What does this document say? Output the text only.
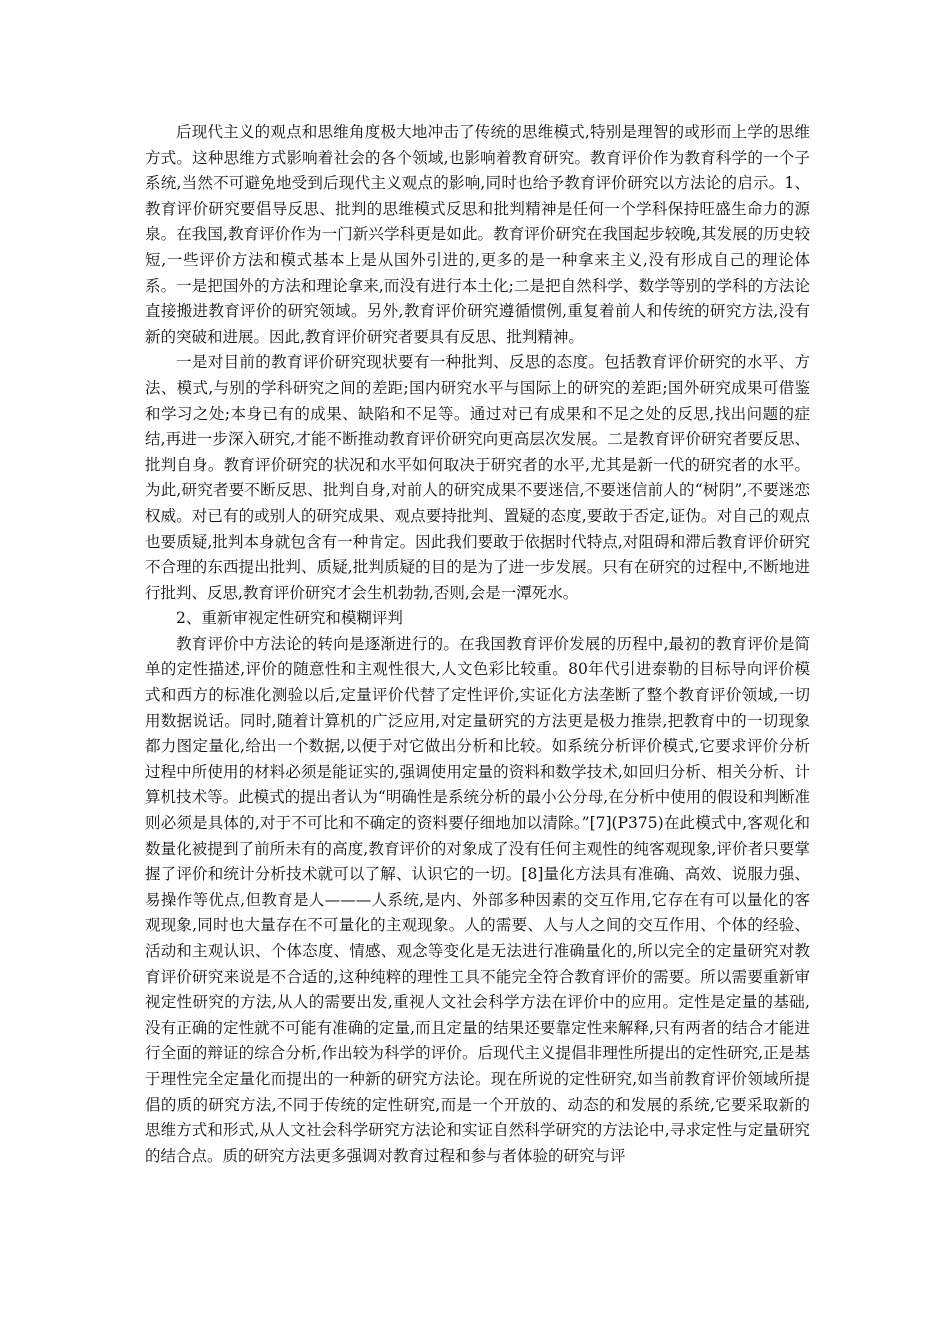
后现代主义的观点和思维角度极大地冲击了传统的思维模式,特别是理智的或形而上学的思维方式。这种思维方式影响着社会的各个领域,也影响着教育研究。教育评价作为教育科学的一个子系统,当然不可避免地受到后现代主义观点的影响,同时也给予教育评价研究以方法论的启示。1、教育评价研究要倡导反思、批判的思维模式反思和批判精神是任何一个学科保持旺盛生命力的源泉。在我国,教育评价作为一门新兴学科更是如此。教育评价研究在我国起步较晚,其发展的历史较短,一些评价方法和模式基本上是从国外引进的,更多的是一种拿来主义,没有形成自己的理论体系。一是把国外的方法和理论拿来,而没有进行本土化;二是把自然科学、数学等别的学科的方法论直接搬进教育评价的研究领域。另外,教育评价研究遵循惯例,重复着前人和传统的研究方法,没有新的突破和进展。因此,教育评价研究者要具有反思、批判精神。

一是对目前的教育评价研究现状要有一种批判、反思的态度。包括教育评价研究的水平、方法、模式,与别的学科研究之间的差距;国内研究水平与国际上的研究的差距;国外研究成果可借鉴和学习之处;本身已有的成果、缺陷和不足等。通过对已有成果和不足之处的反思,找出问题的症结,再进一步深入研究,才能不断推动教育评价研究向更高层次发展。二是教育评价研究者要反思、批判自身。教育评价研究的状况和水平如何取决于研究者的水平,尤其是新一代的研究者的水平。为此,研究者要不断反思、批判自身,对前人的研究成果不要迷信,不要迷信前人的“树阴”,不要迷恋权威。对已有的或别人的研究成果、观点要持批判、置疑的态度,要敢于否定,证伪。对自己的观点也要质疑,批判本身就包含有一种肯定。因此我们要敢于依据时代特点,对阻碍和滞后教育评价研究不合理的东西提出批判、质疑,批判质疑的目的是为了进一步发展。只有在研究的过程中,不断地进行批判、反思,教育评价研究才会生机勃勃,否则,会是一潭死水。

2、重新审视定性研究和模糊评判

教育评价中方法论的转向是逐渐进行的。在我国教育评价发展的历程中,最初的教育评价是简单的定性描述,评价的随意性和主观性很大,人文色彩比较重。80年代引进泰勒的目标导向评价模式和西方的标准化测验以后,定量评价代替了定性评价,实证化方法垄断了整个教育评价领域,一切用数据说话。同时,随着计算机的广泛应用,对定量研究的方法更是极力推崇,把教育中的一切现象都力图定量化,给出一个数据,以便于对它做出分析和比较。如系统分析评价模式,它要求评价分析过程中所使用的材料必须是能证实的,强调使用定量的资料和数学技术,如回归分析、相关分析、计算机技术等。此模式的提出者认为“明确性是系统分析的最小公分母,在分析中使用的假设和判断准则必须是具体的,对于不可比和不确定的资料要仔细地加以清除。”[7](P375)在此模式中,客观化和数量化被提到了前所未有的高度,教育评价的对象成了没有任何主观性的纯客观现象,评价者只要掌握了评价和统计分析技术就可以了解、认识它的一切。[8]量化方法具有准确、高效、说服力强、易操作等优点,但教育是人———人系统,是内、外部多种因素的交互作用,它存在有可以量化的客观现象,同时也大量存在不可量化的主观现象。人的需要、人与人之间的交互作用、个体的经验、活动和主观认识、个体态度、情感、观念等变化是无法进行准确量化的,所以完全的定量研究对教育评价研究来说是不合适的,这种纯粹的理性工具不能完全符合教育评价的需要。所以需要重新审视定性研究的方法,从人的需要出发,重视人文社会科学方法在评价中的应用。定性是定量的基础,没有正确的定性就不可能有准确的定量,而且定量的结果还要靠定性来解释,只有两者的结合才能进行全面的辩证的综合分析,作出较为科学的评价。后现代主义提倡非理性所提出的定性研究,正是基于理性完全定量化而提出的一种新的研究方法论。现在所说的定性研究,如当前教育评价领域所提倡的质的研究方法,不同于传统的定性研究,而是一个开放的、动态的和发展的系统,它要采取新的思维方式和形式,从人文社会科学研究方法论和实证自然科学研究的方法论中,寻求定性与定量研究的结合点。质的研究方法更多强调对教育过程和参与者体验的研究与评
